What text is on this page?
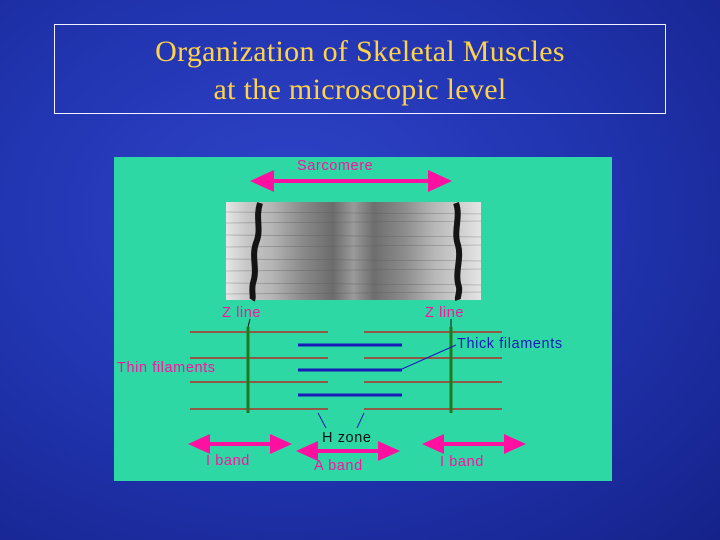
Organization of Skeletal Muscles
at the microscopic level
Sarcomere
Z line	Z line
Thick filaments
Thin filaments
H zone
I band	A band	I band
